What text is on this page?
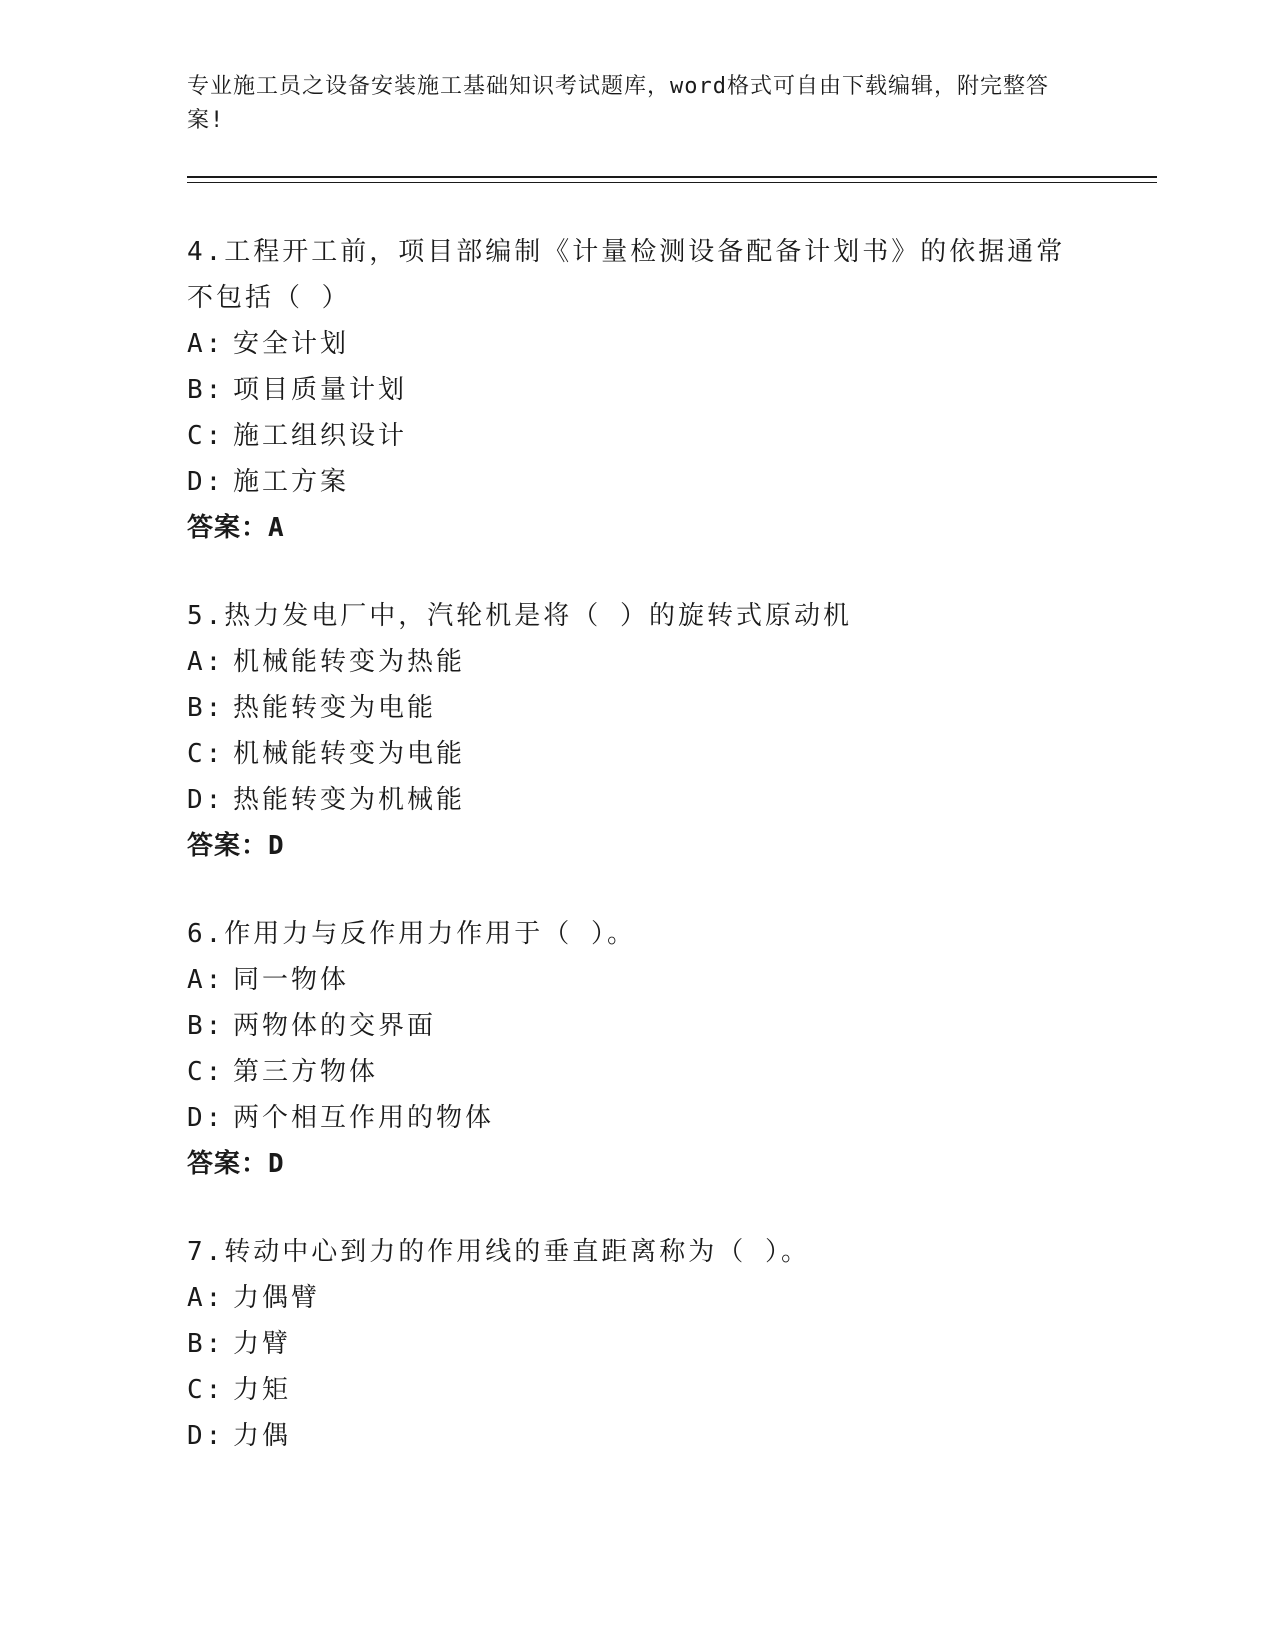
专业施工员之设备安装施工基础知识考试题库，word格式可自由下载编辑，附完整答案!

4.工程开工前，项目部编制《计量检测设备配备计划书》的依据通常不包括（ ）

A: 安全计划

B: 项目质量计划

C: 施工组织设计

D: 施工方案

答案：A

5.热力发电厂中，汽轮机是将（ ）的旋转式原动机

A: 机械能转变为热能

B: 热能转变为电能

C: 机械能转变为电能

D: 热能转变为机械能

答案：D

6.作用力与反作用力作用于（ ）。

A: 同一物体

B: 两物体的交界面

C: 第三方物体

D: 两个相互作用的物体

答案：D

7.转动中心到力的作用线的垂直距离称为（ ）。

A: 力偶臂

B: 力臂

C: 力矩

D: 力偶
